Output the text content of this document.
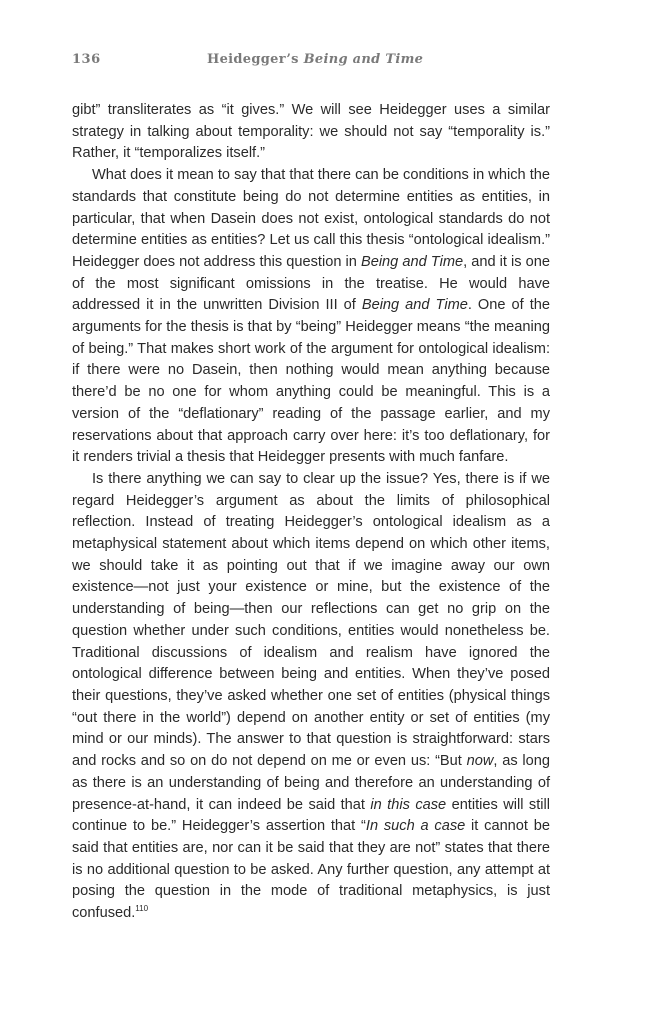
136	Heidegger’s Being and Time

gibt” transliterates as “it gives.” We will see Heidegger uses a similar strategy in talking about temporality: we should not say “temporality is.” Rather, it “temporalizes itself.”

What does it mean to say that that there can be conditions in which the standards that constitute being do not determine entities as entities, in particular, that when Dasein does not exist, ontological standards do not determine entities as entities? Let us call this thesis “ontological idealism.” Heidegger does not address this question in Being and Time, and it is one of the most significant omissions in the treatise. He would have addressed it in the unwritten Division III of Being and Time. One of the arguments for the thesis is that by “being” Heidegger means “the meaning of being.” That makes short work of the argument for ontological idealism: if there were no Dasein, then nothing would mean anything because there’d be no one for whom anything could be meaningful. This is a version of the “deflationary” reading of the passage earlier, and my reservations about that approach carry over here: it’s too deflationary, for it renders trivial a thesis that Heidegger presents with much fanfare.

Is there anything we can say to clear up the issue? Yes, there is if we regard Heidegger’s argument as about the limits of philosophical reflection. Instead of treating Heidegger’s ontological idealism as a metaphysical statement about which items depend on which other items, we should take it as pointing out that if we imagine away our own existence—not just your existence or mine, but the existence of the understanding of being—then our reflections can get no grip on the question whether under such conditions, entities would nonetheless be. Traditional discussions of idealism and realism have ignored the ontological difference between being and entities. When they’ve posed their questions, they’ve asked whether one set of entities (physical things “out there in the world”) depend on another entity or set of entities (my mind or our minds). The answer to that question is straightforward: stars and rocks and so on do not depend on me or even us: “But now, as long as there is an understanding of being and therefore an understanding of presence-at-hand, it can indeed be said that in this case entities will still continue to be.” Heidegger’s assertion that “In such a case it cannot be said that entities are, nor can it be said that they are not” states that there is no additional question to be asked. Any further question, any attempt at posing the question in the mode of traditional metaphysics, is just confused.$^{110}$
